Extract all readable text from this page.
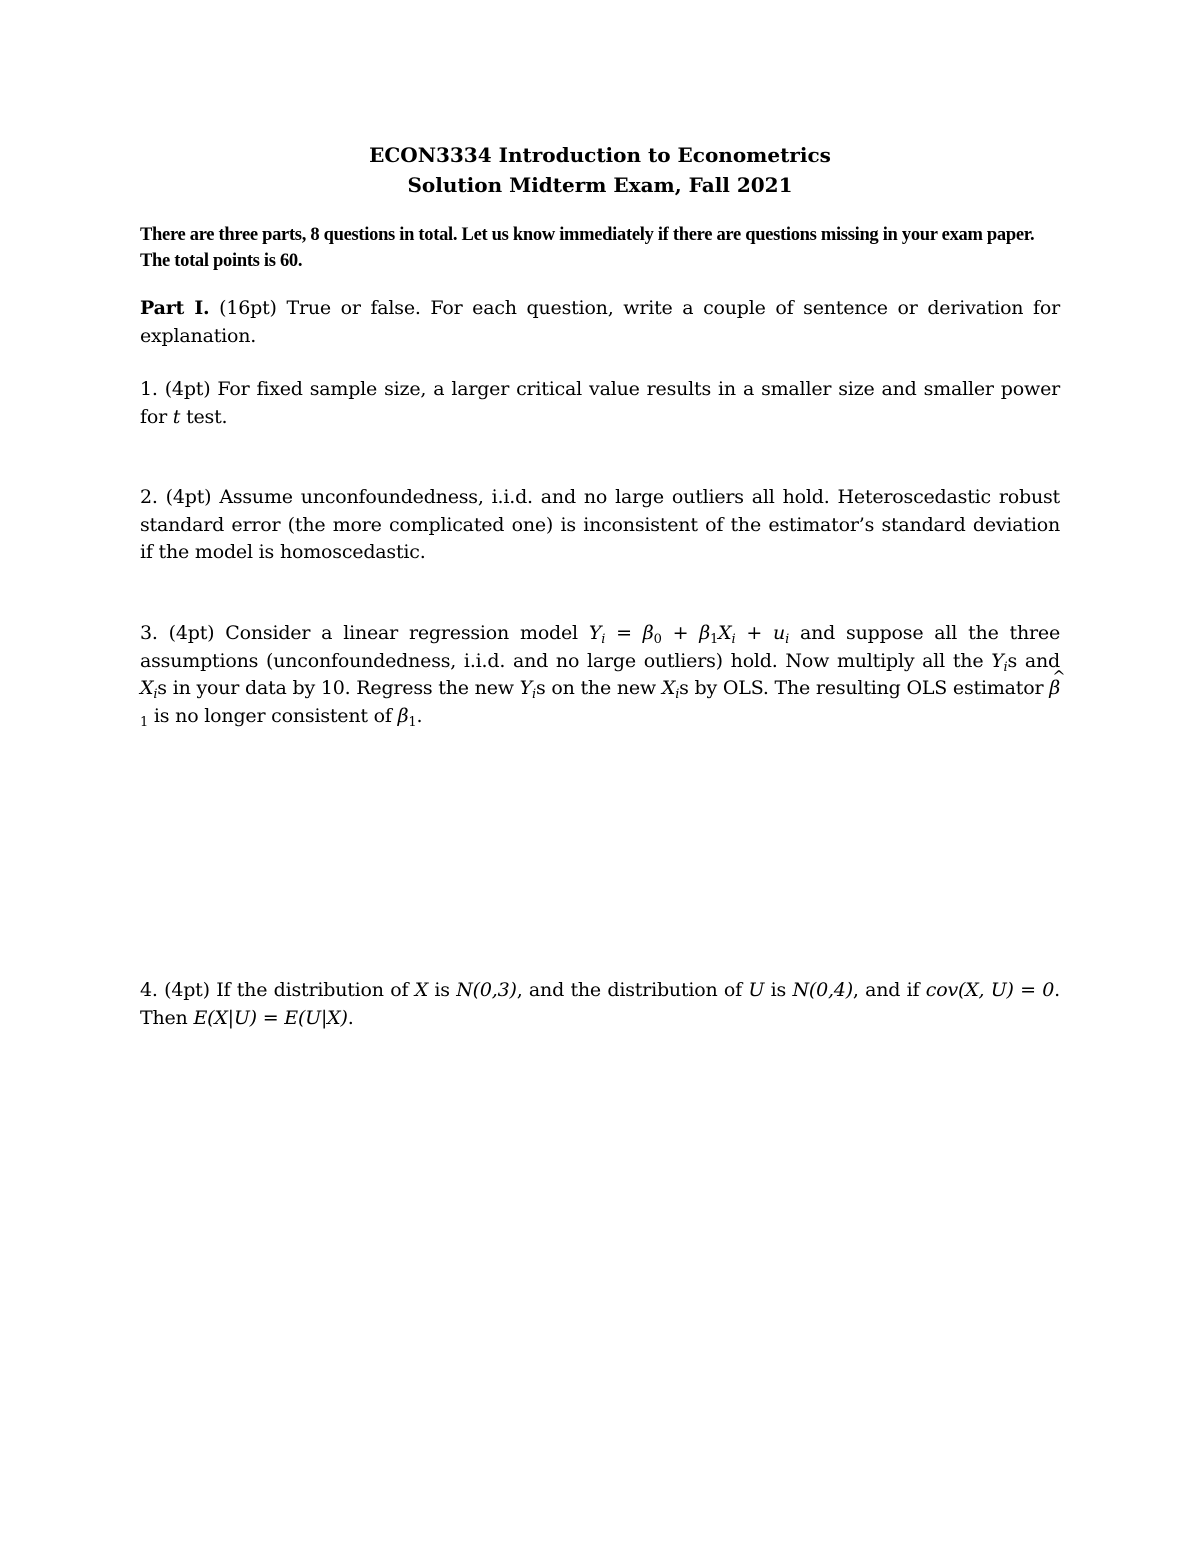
ECON3334 Introduction to Econometrics
Solution Midterm Exam, Fall 2021
There are three parts, 8 questions in total. Let us know immediately if there are questions missing in your exam paper. The total points is 60.
Part I. (16pt) True or false. For each question, write a couple of sentence or derivation for explanation.
1. (4pt) For fixed sample size, a larger critical value results in a smaller size and smaller power for t test.
2. (4pt) Assume unconfoundedness, i.i.d. and no large outliers all hold. Heteroscedastic robust standard error (the more complicated one) is inconsistent of the estimator’s standard deviation if the model is homoscedastic.
3. (4pt) Consider a linear regression model $Y_i = \beta_0 + \beta_1X_i + u_i$ and suppose all the three assumptions (unconfoundedness, i.i.d. and no large outliers) hold. Now multiply all the $Y_is$ and $X_is$ in your data by 10. Regress the new $Y_is$ on the new $X_is$ by OLS. The resulting OLS estimator ^ $\beta_1$ is no longer consistent of $\beta_1$.
4. (4pt) If the distribution of X is N(0,3), and the distribution of U is N(0,4), and if cov(X, U) = 0. Then E(X|U) = E(U|X).
